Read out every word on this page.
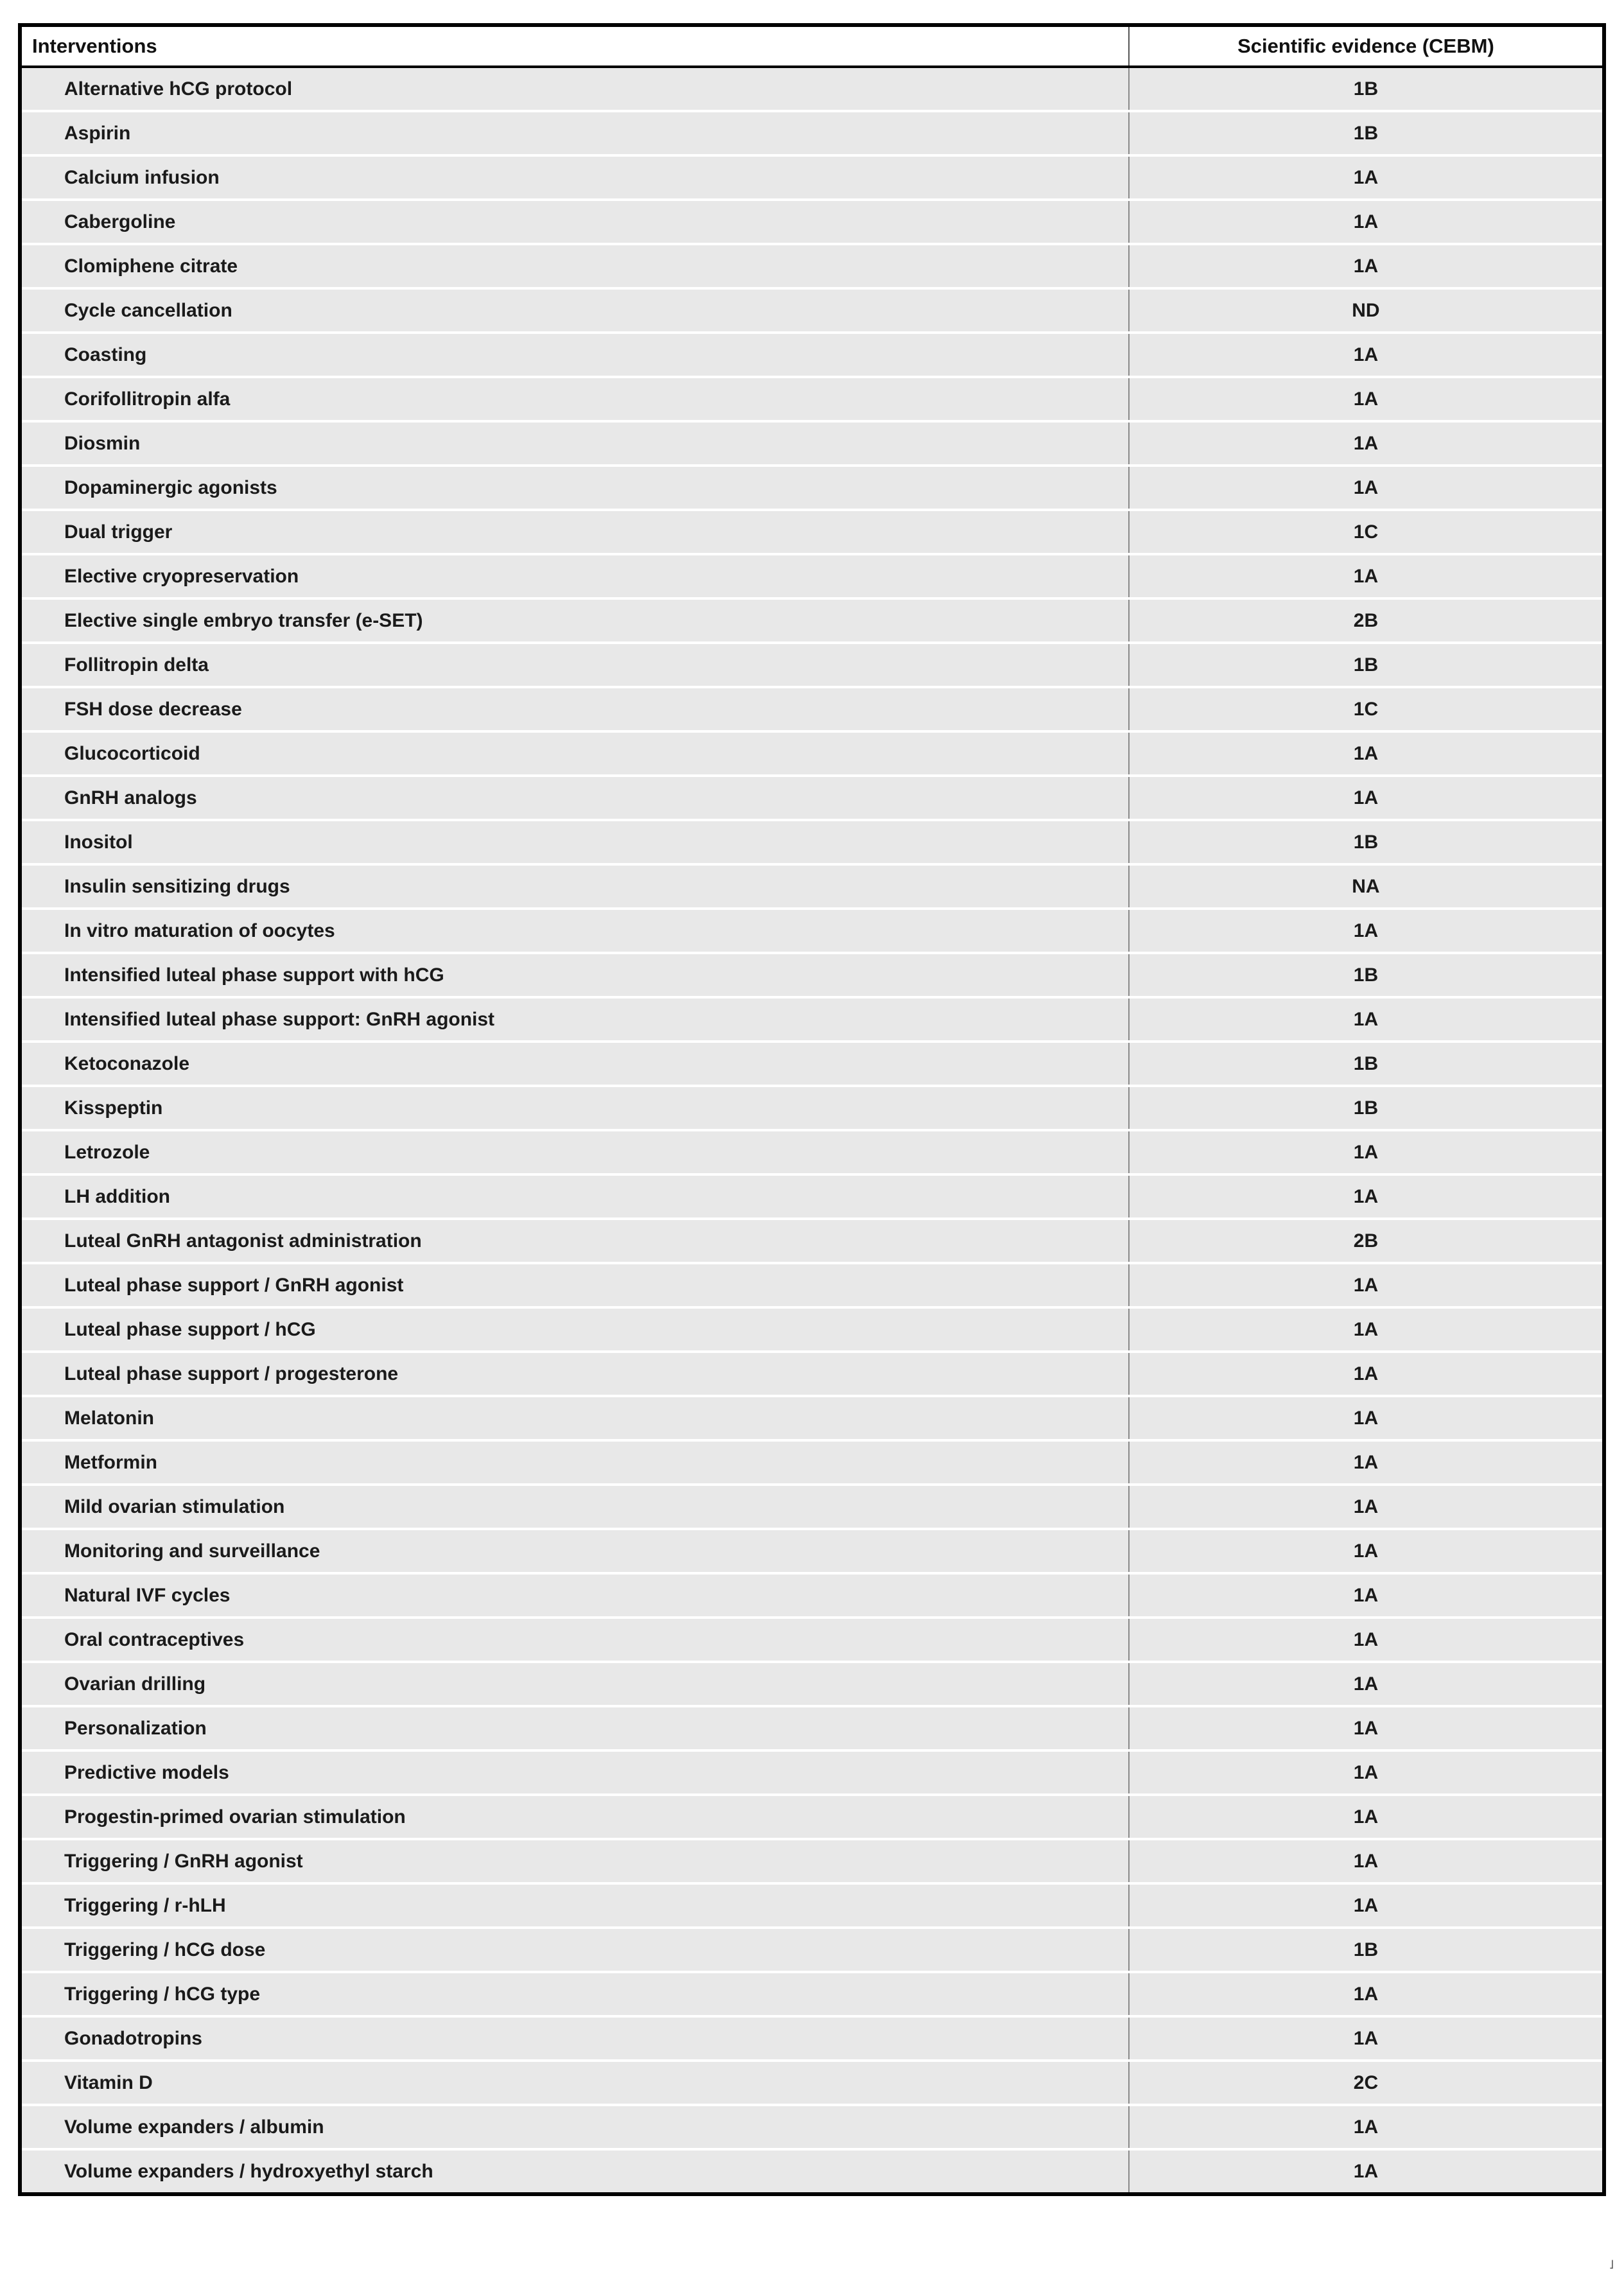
Interventions	Scientific evidence (CEBM)
Alternative hCG protocol	1B
Aspirin	1B
Calcium infusion	1A
Cabergoline	1A
Clomiphene citrate	1A
Cycle cancellation	ND
Coasting	1A
Corifollitropin alfa	1A
Diosmin	1A
Dopaminergic agonists	1A
Dual trigger	1C
Elective cryopreservation	1A
Elective single embryo transfer (e-SET)	2B
Follitropin delta	1B
FSH dose decrease	1C
Glucocorticoid	1A
GnRH analogs	1A
Inositol	1B
Insulin sensitizing drugs	NA
In vitro maturation of oocytes	1A
Intensified luteal phase support with hCG	1B
Intensified luteal phase support: GnRH agonist	1A
Ketoconazole	1B
Kisspeptin	1B
Letrozole	1A
LH addition	1A
Luteal GnRH antagonist administration	2B
Luteal phase support / GnRH agonist	1A
Luteal phase support / hCG	1A
Luteal phase support / progesterone	1A
Melatonin	1A
Metformin	1A
Mild ovarian stimulation	1A
Monitoring and surveillance	1A
Natural IVF cycles	1A
Oral contraceptives	1A
Ovarian drilling	1A
Personalization	1A
Predictive models	1A
Progestin-primed ovarian stimulation	1A
Triggering / GnRH agonist	1A
Triggering / r-hLH	1A
Triggering / hCG dose	1B
Triggering / hCG type	1A
Gonadotropins	1A
Vitamin D	2C
Volume expanders / albumin	1A
Volume expanders / hydroxyethyl starch	1A
˩
